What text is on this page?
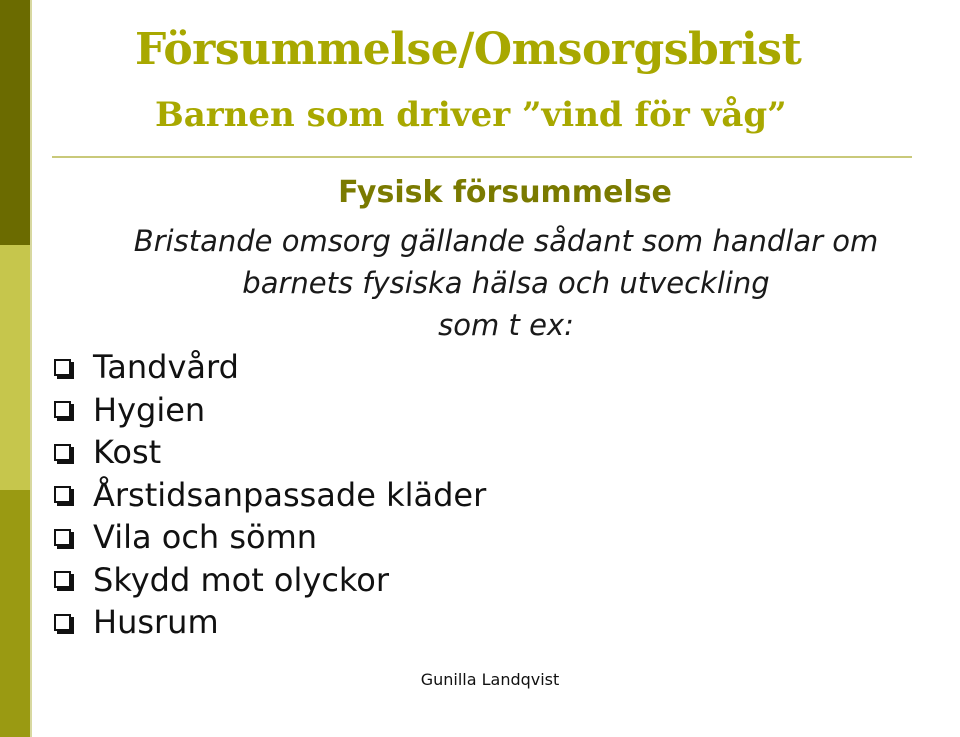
Försummelse/Omsorgsbrist
Barnen som driver ”vind för våg”
Fysisk försummelse
Bristande omsorg gällande sådant som handlar om
barnets fysiska hälsa och utveckling
som t ex:
Tandvård
Hygien
Kost
Årstidsanpassade kläder
Vila och sömn
Skydd mot olyckor
Husrum
Gunilla Landqvist
